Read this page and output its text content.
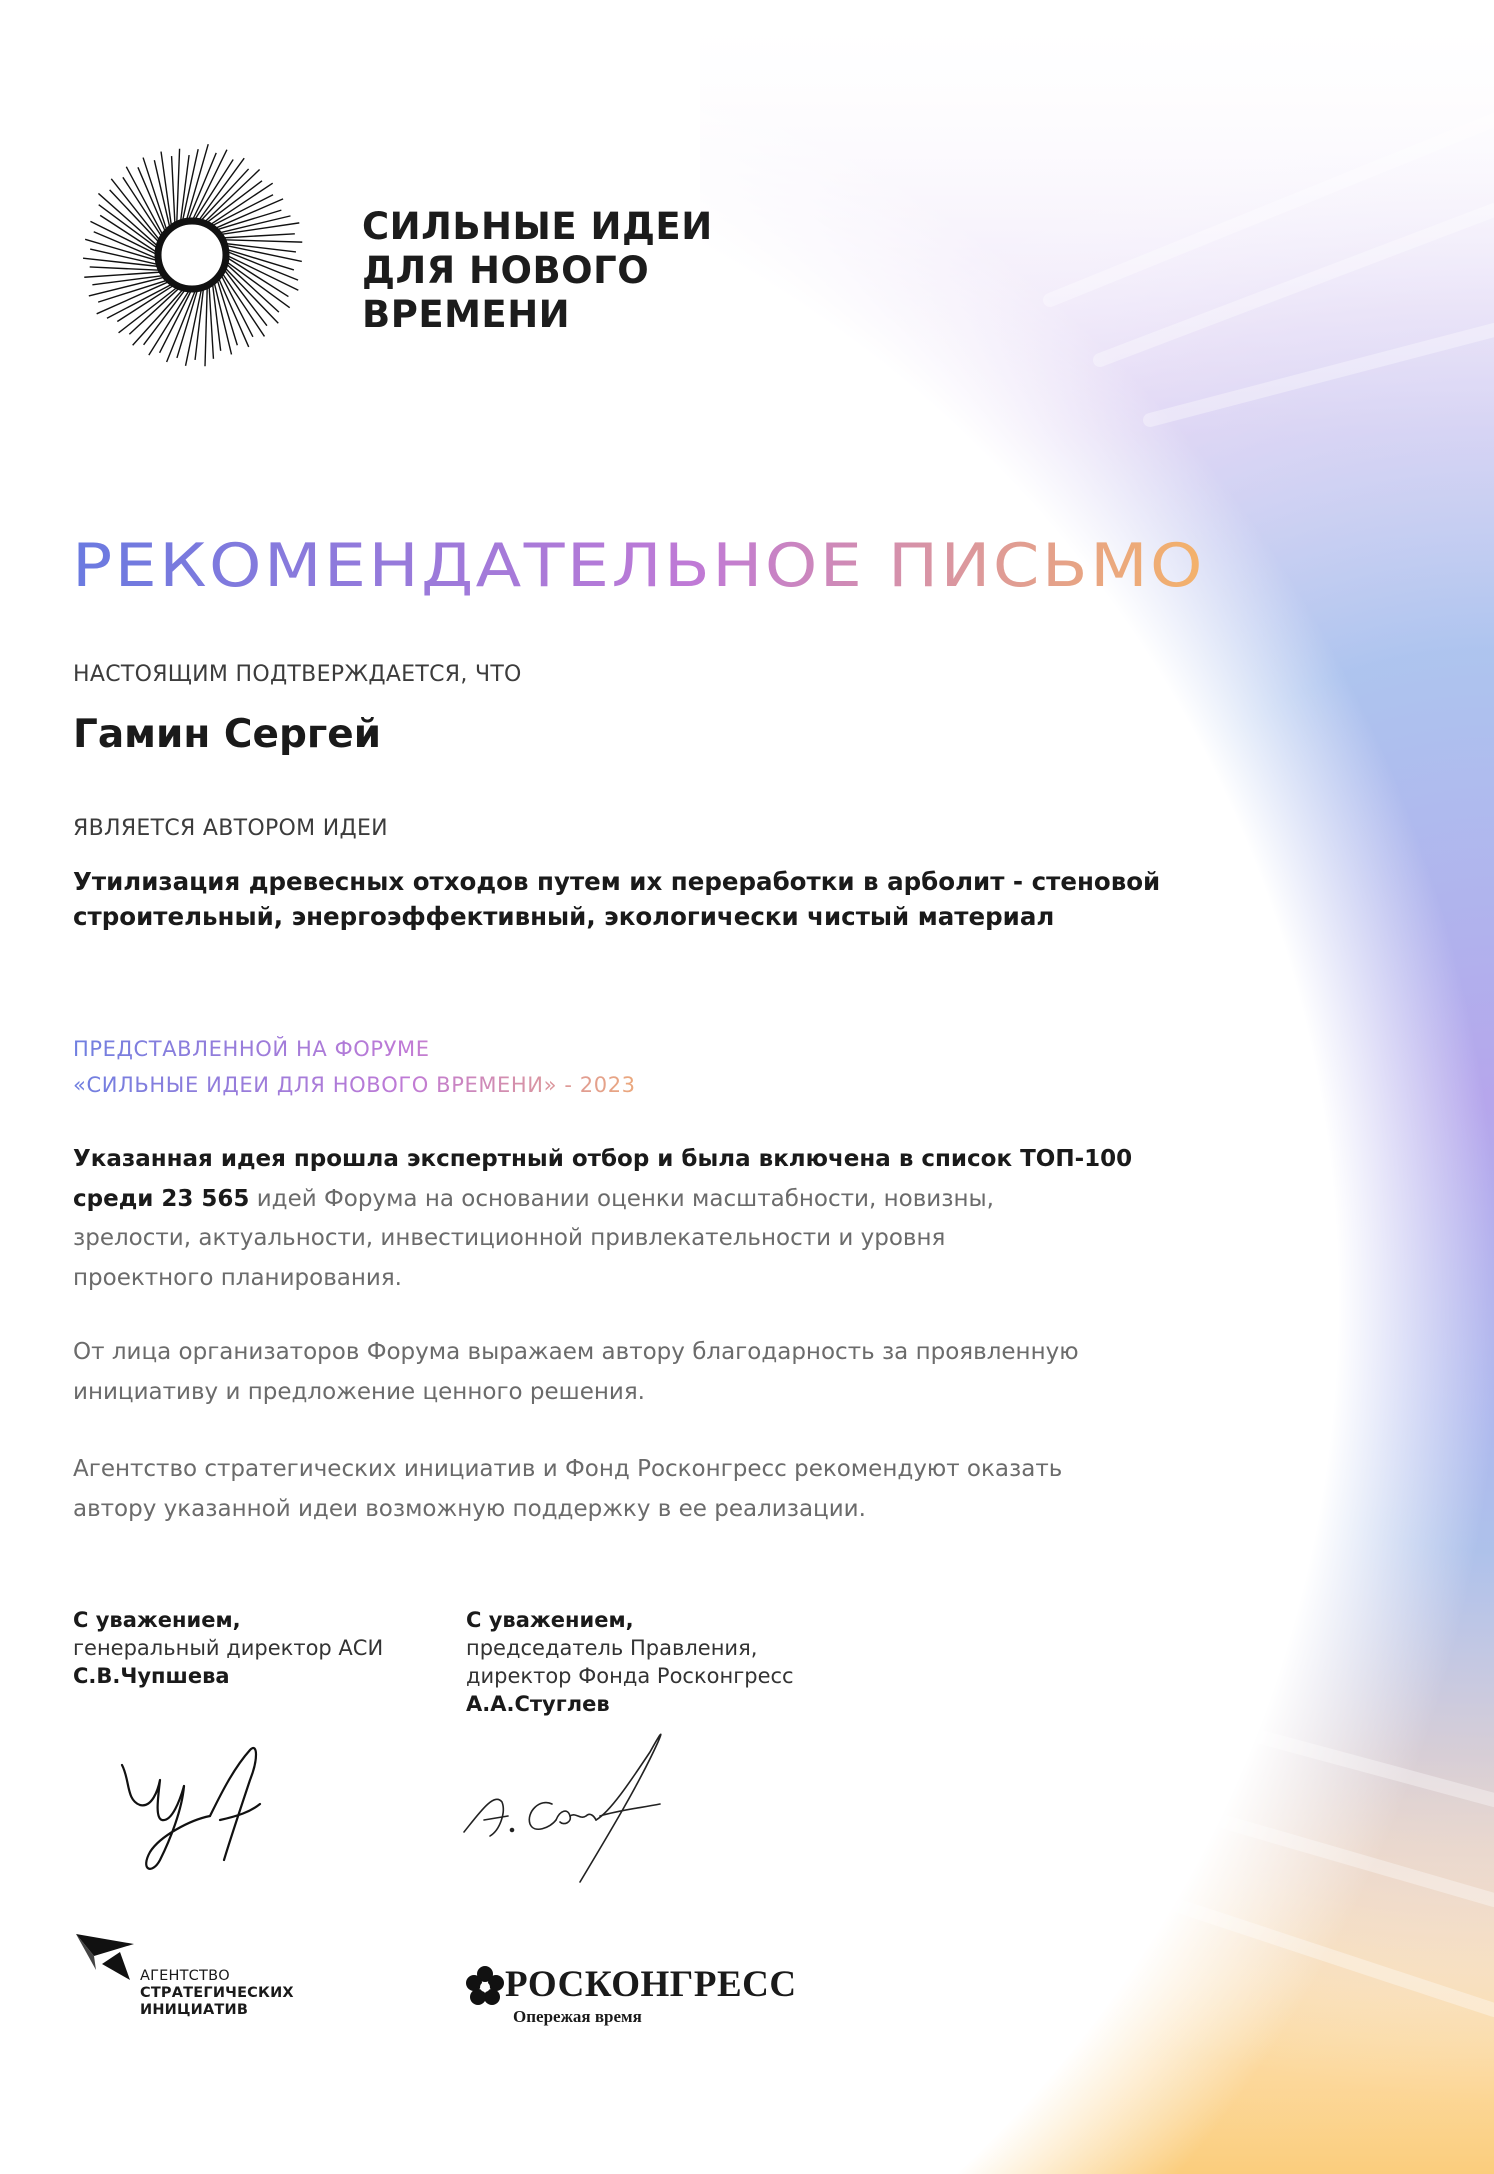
СИЛЬНЫЕ ИДЕИ
ДЛЯ НОВОГО
ВРЕМЕНИ
РЕКОМЕНДАТЕЛЬНОЕ ПИСЬМО
НАСТОЯЩИМ ПОДТВЕРЖДАЕТСЯ, ЧТО
Гамин Сергей
ЯВЛЯЕТСЯ АВТОРОМ ИДЕИ
Утилизация древесных отходов путем их переработки в арболит - стеновой
строительный, энергоэффективный, экологически чистый материал
ПРЕДСТАВЛЕННОЙ НА ФОРУМЕ
«СИЛЬНЫЕ ИДЕИ ДЛЯ НОВОГО ВРЕМЕНИ» - 2023
Указанная идея прошла экспертный отбор и была включена в список ТОП-100
среди 23 565 идей Форума на основании оценки масштабности, новизны,
зрелости, актуальности, инвестиционной привлекательности и уровня
проектного планирования.
От лица организаторов Форума выражаем автору благодарность за проявленную
инициативу и предложение ценного решения.
Агентство стратегических инициатив и Фонд Росконгресс рекомендуют оказать
автору указанной идеи возможную поддержку в ее реализации.
С уважением,
генеральный директор АСИ
С.В.Чупшева
С уважением,
председатель Правления,
директор Фонда Росконгресс
А.А.Стуглев
АГЕНТСТВО
СТРАТЕГИЧЕСКИХ
ИНИЦИАТИВ
РОСКОНГРЕСС
Опережая время
